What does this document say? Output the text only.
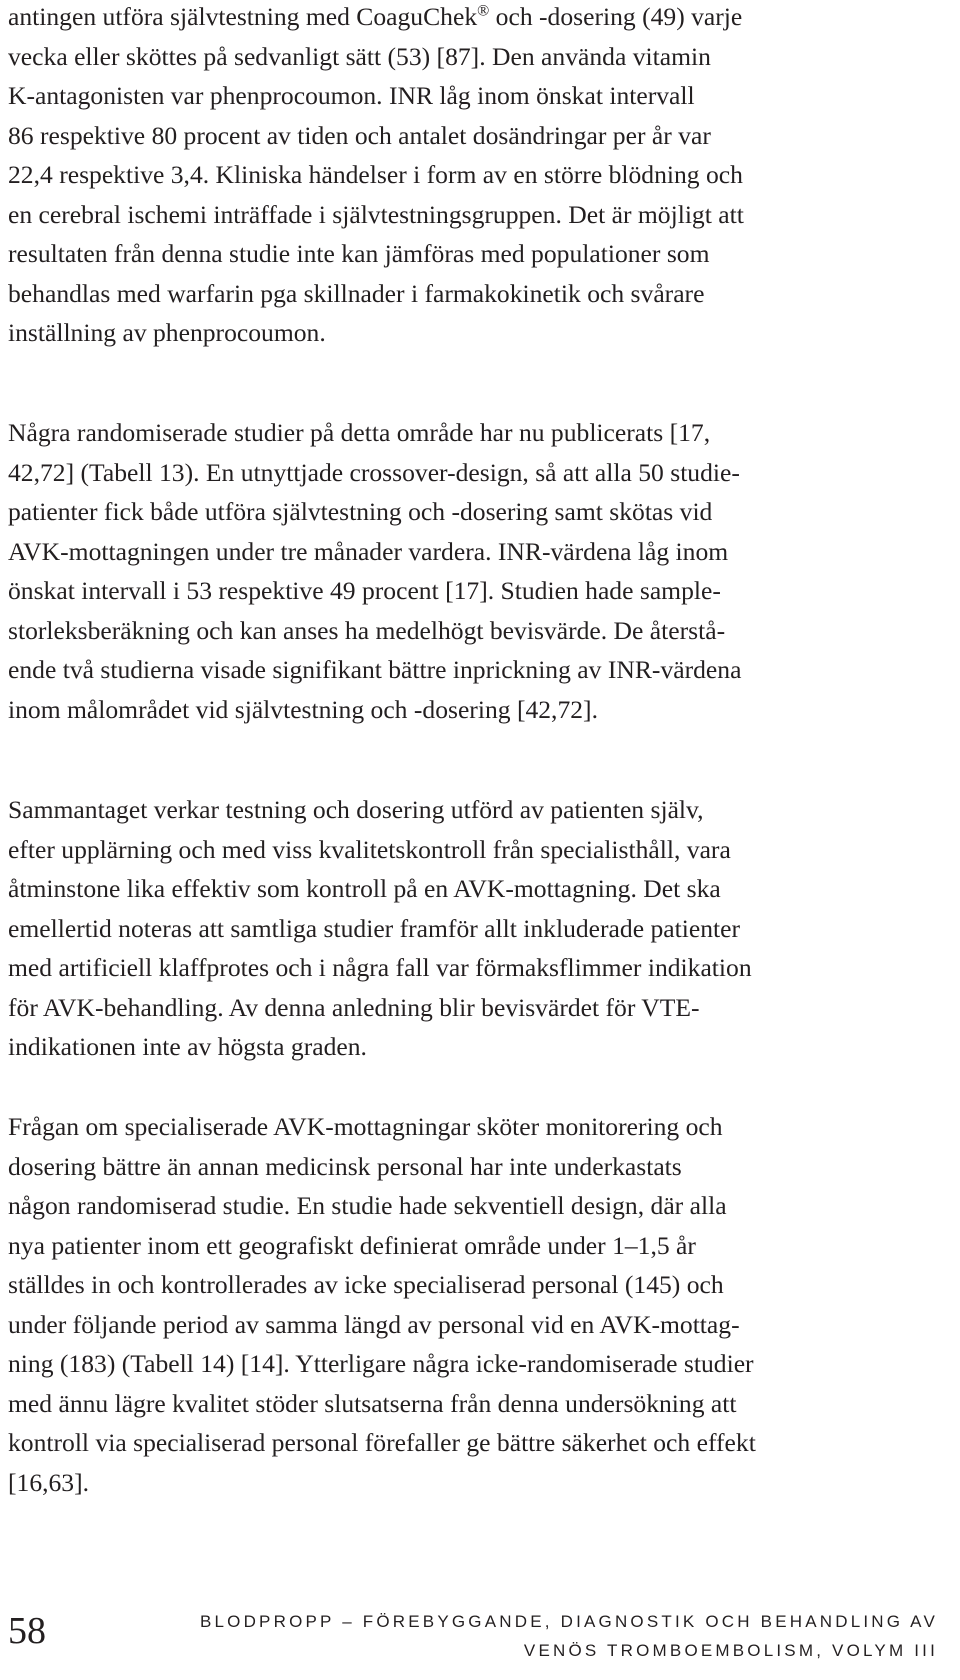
antingen utföra självtestning med CoaguChek® och -dosering (49) varje
vecka eller sköttes på sedvanligt sätt (53) [87]. Den använda vitamin
K-antagonisten var phenprocoumon. INR låg inom önskat intervall
86 respektive 80 procent av tiden och antalet dosändringar per år var
22,4 respektive 3,4. Kliniska händelser i form av en större blödning och
en cerebral ischemi inträffade i självtestningsgruppen. Det är möjligt att
resultaten från denna studie inte kan jämföras med populationer som
behandlas med warfarin pga skillnader i farmakokinetik och svårare
inställning av phenprocoumon.

Några randomiserade studier på detta område har nu publicerats [17,
42,72] (Tabell 13). En utnyttjade crossover-design, så att alla 50 studie-
patienter fick både utföra självtestning och -dosering samt skötas vid
AVK-mottagningen under tre månader vardera. INR-värdena låg inom
önskat intervall i 53 respektive 49 procent [17]. Studien hade sample-
storleksberäkning och kan anses ha medelhögt bevisvärde. De återstå-
ende två studierna visade signifikant bättre inprickning av INR-värdena
inom målområdet vid självtestning och -dosering [42,72].

Sammantaget verkar testning och dosering utförd av patienten själv,
efter upplärning och med viss kvalitetskontroll från specialisthåll, vara
åtminstone lika effektiv som kontroll på en AVK-mottagning. Det ska
emellertid noteras att samtliga studier framför allt inkluderade patienter
med artificiell klaffprotes och i några fall var förmaksflimmer indikation
för AVK-behandling. Av denna anledning blir bevisvärdet för VTE-
indikationen inte av högsta graden.

Frågan om specialiserade AVK-mottagningar sköter monitorering och
dosering bättre än annan medicinsk personal har inte underkastats
någon randomiserad studie. En studie hade sekventiell design, där alla
nya patienter inom ett geografiskt definierat område under 1–1,5 år
ställdes in och kontrollerades av icke specialiserad personal (145) och
under följande period av samma längd av personal vid en AVK-mottag-
ning (183) (Tabell 14) [14]. Ytterligare några icke-randomiserade studier
med ännu lägre kvalitet stöder slutsatserna från denna undersökning att
kontroll via specialiserad personal förefaller ge bättre säkerhet och effekt
[16,63].

58	BLODPROPP – FÖREBYGGANDE, DIAGNOSTIK OCH BEHANDLING AV
VENÖS TROMBOEMBOLISM, VOLYM III
